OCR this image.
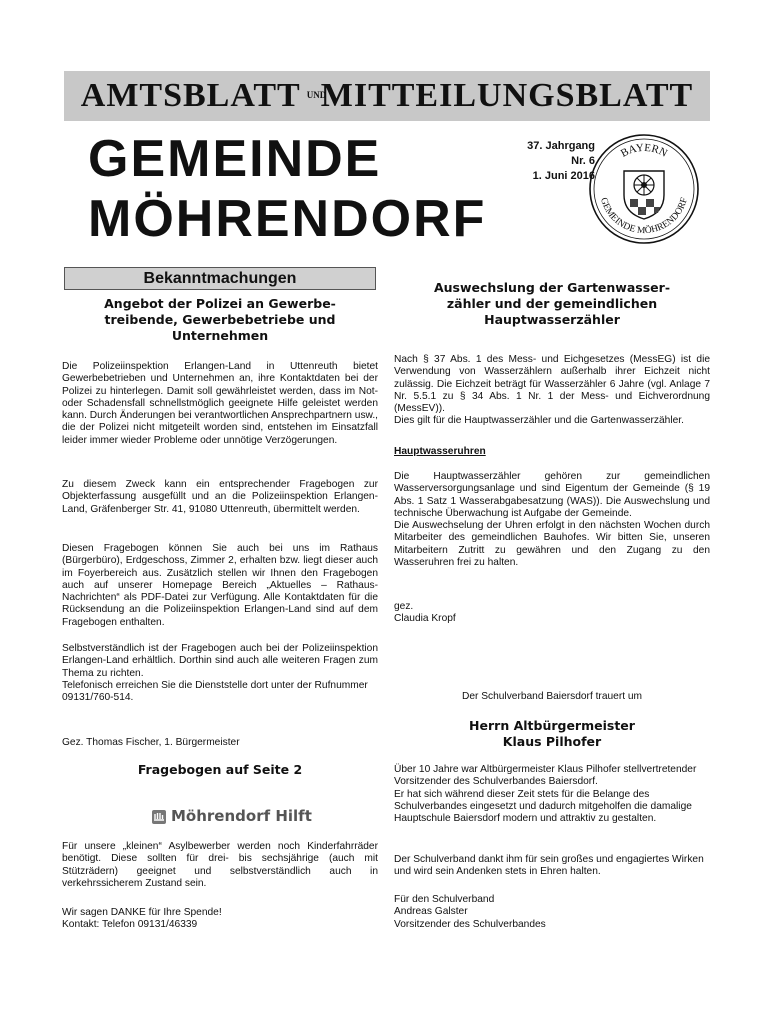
AMTSBLATT UNDMITTEILUNGSBLATT
GEMEINDE
MÖHRENDORF
37. Jahrgang
Nr. 6
1. Juni 2016
BAYERN
GEMEINDE MÖHRENDORF
Bekanntmachungen
Angebot der Polizei an Gewerbe-
treibende, Gewerbebetriebe und
Unternehmen

Die Polizeiinspektion Erlangen-Land in Uttenreuth bietet Gewerbebetrieben und Unternehmen an, ihre Kontaktdaten bei der Polizei zu hinterlegen. Damit soll gewährleistet werden, dass im Not- oder Schadensfall schnellstmöglich geeignete Hilfe geleistet werden kann. Durch Änderungen bei verantwortlichen Ansprechpartnern usw., die der Polizei nicht mitgeteilt worden sind, entstehen im Einsatzfall leider immer wieder Probleme oder unnötige Verzögerungen.

Zu diesem Zweck kann ein entsprechender Fragebogen zur Objekterfassung ausgefüllt und an die Polizeiinspektion Erlangen-Land, Gräfenberger Str. 41, 91080 Uttenreuth, übermittelt werden.

Diesen Fragebogen können Sie auch bei uns im Rathaus (Bürgerbüro), Erdgeschoss, Zimmer 2, erhalten bzw. liegt dieser auch im Foyerbereich aus. Zusätzlich stellen wir Ihnen den Fragebogen auch auf unserer Homepage Bereich „Aktuelles – Rathaus-Nachrichten“ als PDF-Datei zur Verfügung. Alle Kontaktdaten für die Rücksendung an die Polizeiinspektion Erlangen-Land sind auf dem Fragebogen enthalten.

Selbstverständlich ist der Fragebogen auch bei der Polizeiinspektion Erlangen-Land erhältlich. Dorthin sind auch alle weiteren Fragen zum Thema zu richten.

Telefonisch erreichen Sie die Dienststelle dort unter der Rufnummer

09131/760-514.

Gez. Thomas Fischer, 1. Bürgermeister
Fragebogen auf Seite 2
Möhrendorf Hilft

Für unsere „kleinen“ Asylbewerber werden noch Kinderfahrräder benötigt. Diese sollten für drei- bis sechsjährige (auch mit Stützrädern) geeignet und selbstverständlich auch in verkehrssicherem Zustand sein.

Wir sagen DANKE für Ihre Spende!

Kontakt: Telefon 09131/46339

Auswechslung der Gartenwasser-
zähler und der gemeindlichen
Hauptwasserzähler

Nach § 37 Abs. 1 des Mess- und Eichgesetzes (MessEG) ist die Verwendung von Wasserzählern außerhalb ihrer Eichzeit nicht zulässig. Die Eichzeit beträgt für Wasserzähler 6 Jahre (vgl. Anlage 7 Nr. 5.5.1 zu § 34 Abs. 1 Nr. 1 der Mess- und Eichverordnung (MessEV)).

Dies gilt für die Hauptwasserzähler und die Gartenwasserzähler.

Hauptwasseruhren

Die Hauptwasserzähler gehören zur gemeindlichen Wasserversorgungsanlage und sind Eigentum der Gemeinde (§ 19 Abs. 1 Satz 1 Wasserabgabesatzung (WAS)). Die Auswechslung und technische Überwachung ist Aufgabe der Gemeinde.

Die Auswechselung der Uhren erfolgt in den nächsten Wochen durch Mitarbeiter des gemeindlichen Bauhofes. Wir bitten Sie, unseren Mitarbeitern Zutritt zu gewähren und den Zugang zu den Wasseruhren frei zu halten.

gez.

Claudia Kropf

Der Schulverband Baiersdorf trauert um
Herrn Altbürgermeister
Klaus Pilhofer

Über 10 Jahre war Altbürgermeister Klaus Pilhofer stellvertretender Vorsitzender des Schulverbandes Baiersdorf.

Er hat sich während dieser Zeit stets für die Belange des Schulverbandes eingesetzt und dadurch mitgeholfen die damalige Hauptschule Baiersdorf modern und attraktiv zu gestalten.

Der Schulverband dankt ihm für sein großes und engagiertes Wirken und wird sein Andenken stets in Ehren halten.

Für den Schulverband

Andreas Galster

Vorsitzender des Schulverbandes
